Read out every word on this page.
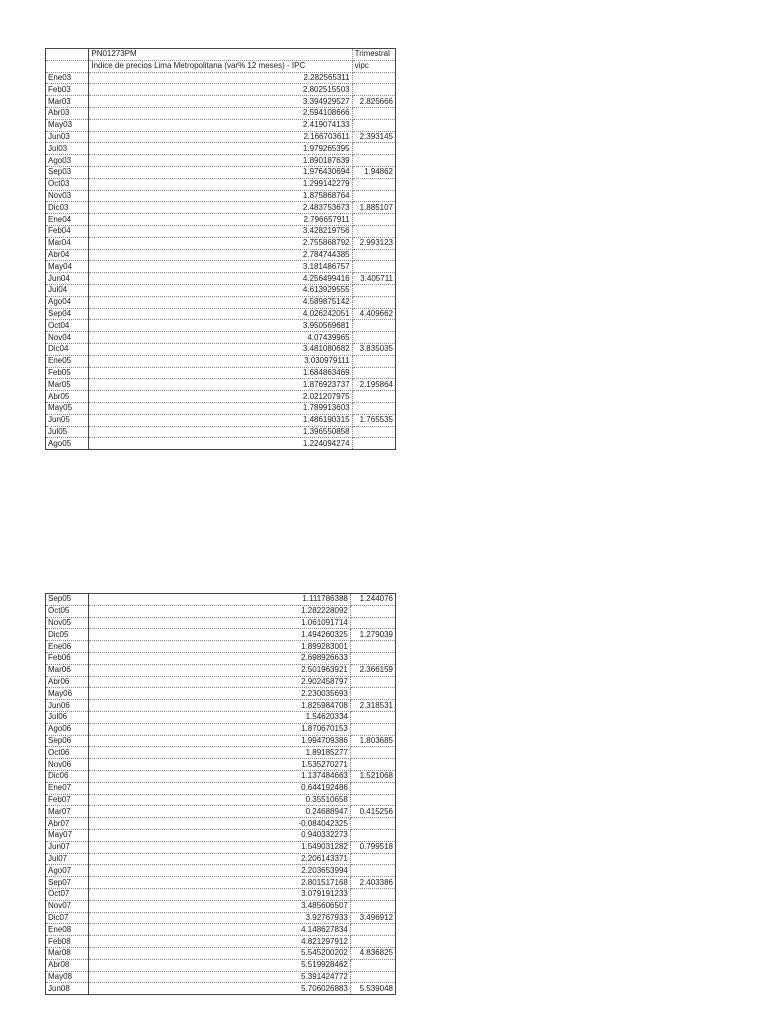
	PN01273PM	Trimestral
	Índice de precios Lima Metropolitana (var% 12 meses) - IPC	vipc
Ene03	2.282565311	
Feb03	2.802515503	
Mar03	3.394929527	2.825666
Abr03	2.594108666	
May03	2.419074133	
Jun03	2.166703611	2.393145
Jul03	1.979265395	
Ago03	1.890187639	
Sep03	1.976430694	1.94862
Oct03	1.299142279	
Nov03	1.875868764	
Dic03	2.483753673	1.885107
Ene04	2.796657911	
Feb04	3.428219756	
Mar04	2.755868792	2.993123
Abr04	2.784744385	
May04	3.181486757	
Jun04	4.256499416	3.405711
Jul04	4.613929555	
Ago04	4.589875142	
Sep04	4.026242051	4.409662
Oct04	3.950569681	
Nov04	4.07439965	
Dic04	3.481080682	3.835035
Ene05	3.030979111	
Feb05	1.684863469	
Mar05	1.876923737	2.195864
Abr05	2.021207975	
May05	1.789913603	
Jun05	1.486190315	1.765535
Jul05	1.396550858	
Ago05	1.224094274	
Sep05	1.111786388	1.244076
Oct05	1.282228092	
Nov05	1.061091714	
Dic05	1.494260325	1.279039
Ene06	1.899283001	
Feb06	2.698926633	
Mar06	2.501963921	2.366159
Abr06	2.902458797	
May06	2.230035693	
Jun06	1.825984708	2.318531
Jul06	1.54620334	
Ago06	1.870670153	
Sep06	1.994709386	1.803685
Oct06	1.89185277	
Nov06	1.535270271	
Dic06	1.137484663	1.521068
Ene07	0.644192486	
Feb07	0.35510658	
Mar07	0.24688947	0.415256
Abr07	-0.084042325	
May07	0.940332273	
Jun07	1.549031282	0.799518
Jul07	2.206143371	
Ago07	2.203653994	
Sep07	2.801517168	2.403386
Oct07	3.079191233	
Nov07	3.485606507	
Dic07	3.92767933	3.496912
Ene08	4.148627834	
Feb08	4.821297912	
Mar08	5.545200202	4.836825
Abr08	5.519928462	
May08	5.391424772	
Jun08	5.706026883	5.539048
